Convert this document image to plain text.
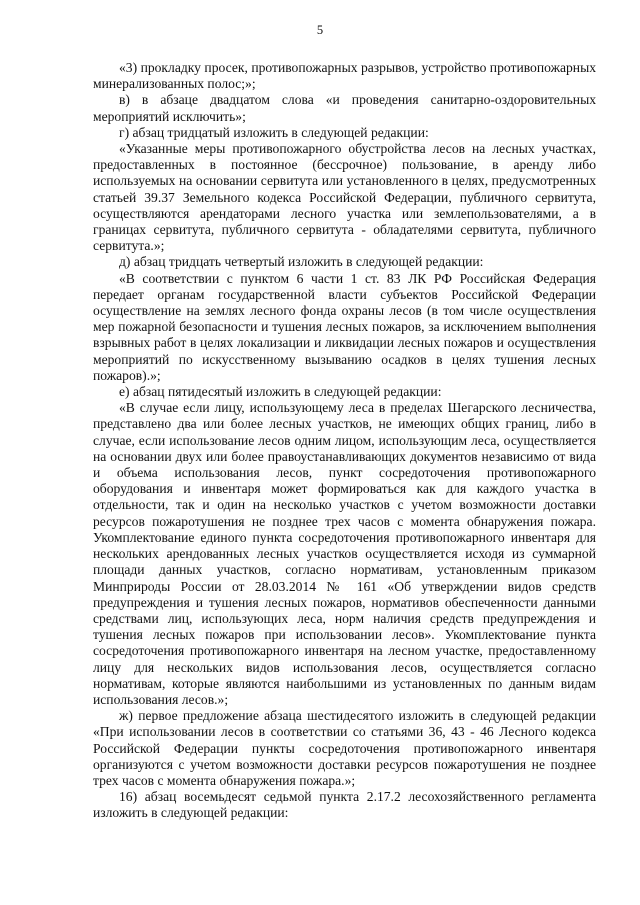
5

«3) прокладку просек, противопожарных разрывов, устройство противопожарных минерализованных полос;»;

в) в абзаце двадцатом слова «и проведения санитарно-оздоровительных мероприятий исключить»;

г) абзац тридцатый изложить в следующей редакции:

«Указанные меры противопожарного обустройства лесов на лесных участках, предоставленных в постоянное (бессрочное) пользование, в аренду либо используемых на основании сервитута или установленного в целях, предусмотренных статьей 39.37 Земельного кодекса Российской Федерации, публичного сервитута, осуществляются арендаторами лесного участка или землепользователями, а в границах сервитута, публичного сервитута - обладателями сервитута, публичного сервитута.»;

д) абзац тридцать четвертый изложить в следующей редакции:

«В соответствии с пунктом 6 части 1 ст. 83 ЛК РФ Российская Федерация передает органам государственной власти субъектов Российской Федерации осуществление на землях лесного фонда охраны лесов (в том числе осуществления мер пожарной безопасности и тушения лесных пожаров, за исключением выполнения взрывных работ в целях локализации и ликвидации лесных пожаров и осуществления мероприятий по искусственному вызыванию осадков в целях тушения лесных пожаров).»;

е) абзац пятидесятый изложить в следующей редакции:

«В случае если лицу, использующему леса в пределах Шегарского лесничества, представлено два или более лесных участков, не имеющих общих границ, либо в случае, если использование лесов одним лицом, использующим леса, осуществляется на основании двух или более правоустанавливающих документов независимо от вида и объема использования лесов, пункт сосредоточения противопожарного оборудования и инвентаря может формироваться как для каждого участка в отдельности, так и один на несколько участков с учетом возможности доставки ресурсов пожаротушения не позднее трех часов с момента обнаружения пожара. Укомплектование единого пункта сосредоточения противопожарного инвентаря для нескольких арендованных лесных участков осуществляется исходя из суммарной площади данных участков, согласно нормативам, установленным приказом Минприроды России от 28.03.2014 № 161 «Об утверждении видов средств предупреждения и тушения лесных пожаров, нормативов обеспеченности данными средствами лиц, использующих леса, норм наличия средств предупреждения и тушения лесных пожаров при использовании лесов». Укомплектование пункта сосредоточения противопожарного инвентаря на лесном участке, предоставленному лицу для нескольких видов использования лесов, осуществляется согласно нормативам, которые являются наибольшими из установленных по данным видам использования лесов.»;

ж) первое предложение абзаца шестидесятого изложить в следующей редакции «При использовании лесов в соответствии со статьями 36, 43 - 46 Лесного кодекса Российской Федерации пункты сосредоточения противопожарного инвентаря организуются с учетом возможности доставки ресурсов пожаротушения не позднее трех часов с момента обнаружения пожара.»;

16) абзац восемьдесят седьмой пункта 2.17.2 лесохозяйственного регламента изложить в следующей редакции:
